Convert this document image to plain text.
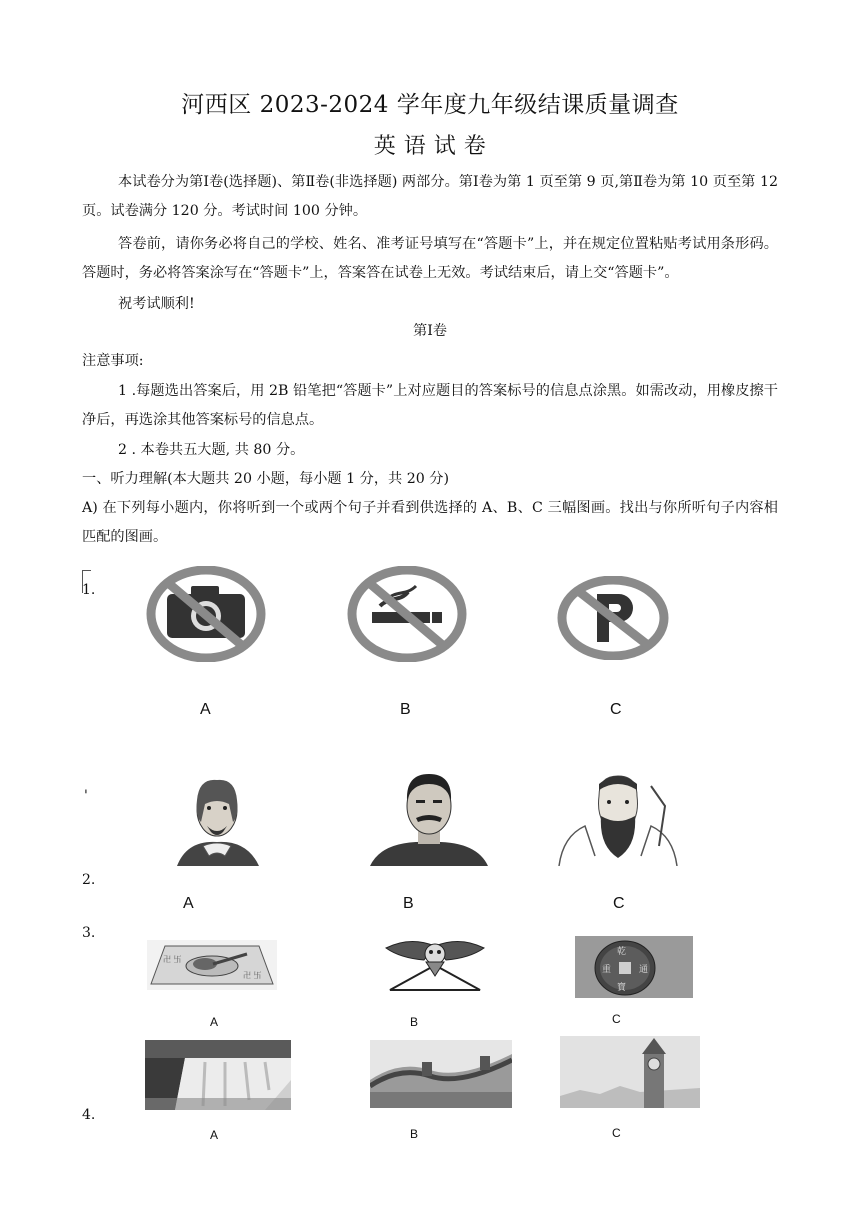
河西区 2023-2024 学年度九年级结课质量调查
英 语 试 卷
本试卷分为第Ⅰ卷(选择题)、第Ⅱ卷(非选择题) 两部分。第Ⅰ卷为第 1 页至第 9 页,第Ⅱ卷为第 10 页至第 12 页。试卷满分 120 分。考试时间 100 分钟。
答卷前，请你务必将自己的学校、姓名、准考证号填写在“答题卡”上，并在规定位置粘贴考试用条形码。答题时，务必将答案涂写在“答题卡”上，答案答在试卷上无效。考试结束后，请上交“答题卡”。
祝考试顺利!
第Ⅰ卷
注意事项:
1 .每题选出答案后，用 2B 铅笔把“答题卡”上对应题目的答案标号的信息点涂黑。如需改动，用橡皮擦干净后，再选涂其他答案标号的信息点。
2 . 本卷共五大题, 共 80 分。
一、听力理解(本大题共 20 小题，每小题 1 分，共 20 分)
A) 在下列每小题内，你将听到一个或两个句子并看到供选择的 A、B、C 三幅图画。找出与你所听句子内容相匹配的图画。
1.
A	B	C
'
2.
A	B	C
3.
卍 卐
卍 卐
乾
重	通
寶
A	B	C
4.
A	B	C
